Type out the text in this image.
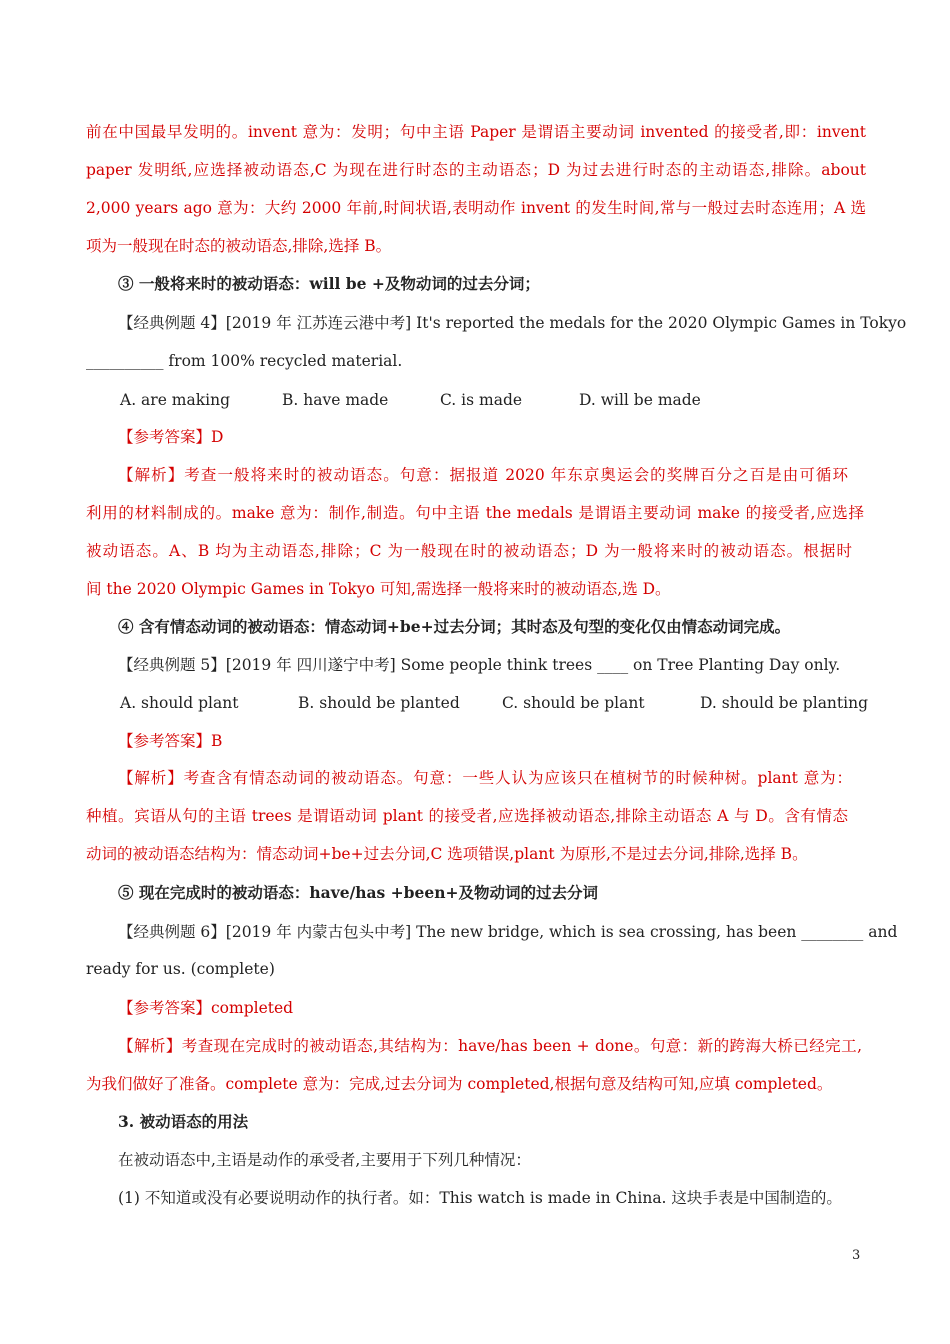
前在中国最早发明的。invent 意为：发明；句中主语 Paper 是谓语主要动词 invented 的接受者,即：invent
paper 发明纸,应选择被动语态,C 为现在进行时态的主动语态；D 为过去进行时态的主动语态,排除。about
2,000 years ago 意为：大约 2000 年前,时间状语,表明动作 invent 的发生时间,常与一般过去时态连用；A 选
项为一般现在时态的被动语态,排除,选择 B。
③ 一般将来时的被动语态：will be +及物动词的过去分词；
【经典例题 4】[2019 年 江苏连云港中考] It's reported the medals for the 2020 Olympic Games in Tokyo
__________ from 100% recycled material.
A. are making	B. have made	C. is made	D. will be made
【参考答案】D
【解析】考查一般将来时的被动语态。句意：据报道 2020 年东京奥运会的奖牌百分之百是由可循环
利用的材料制成的。make 意为：制作,制造。句中主语 the medals 是谓语主要动词 make 的接受者,应选择
被动语态。A、B 均为主动语态,排除；C 为一般现在时的被动语态；D 为一般将来时的被动语态。根据时
间 the 2020 Olympic Games in Tokyo 可知,需选择一般将来时的被动语态,选 D。
④ 含有情态动词的被动语态：情态动词+be+过去分词；其时态及句型的变化仅由情态动词完成。
【经典例题 5】[2019 年 四川遂宁中考] Some people think trees ____ on Tree Planting Day only.
A. should plant	B. should be planted	C. should be plant	D. should be planting
【参考答案】B
【解析】考查含有情态动词的被动语态。句意：一些人认为应该只在植树节的时候种树。plant 意为：
种植。宾语从句的主语 trees 是谓语动词 plant 的接受者,应选择被动语态,排除主动语态 A 与 D。含有情态
动词的被动语态结构为：情态动词+be+过去分词,C 选项错误,plant 为原形,不是过去分词,排除,选择 B。
⑤ 现在完成时的被动语态：have/has +been+及物动词的过去分词
【经典例题 6】[2019 年 内蒙古包头中考] The new bridge, which is sea crossing, has been ________ and
ready for us. (complete)
【参考答案】completed
【解析】考查现在完成时的被动语态,其结构为：have/has been + done。句意：新的跨海大桥已经完工,
为我们做好了准备。complete 意为：完成,过去分词为 completed,根据句意及结构可知,应填 completed。
3. 被动语态的用法
在被动语态中,主语是动作的承受者,主要用于下列几种情况：
(1) 不知道或没有必要说明动作的执行者。如：This watch is made in China. 这块手表是中国制造的。
3
